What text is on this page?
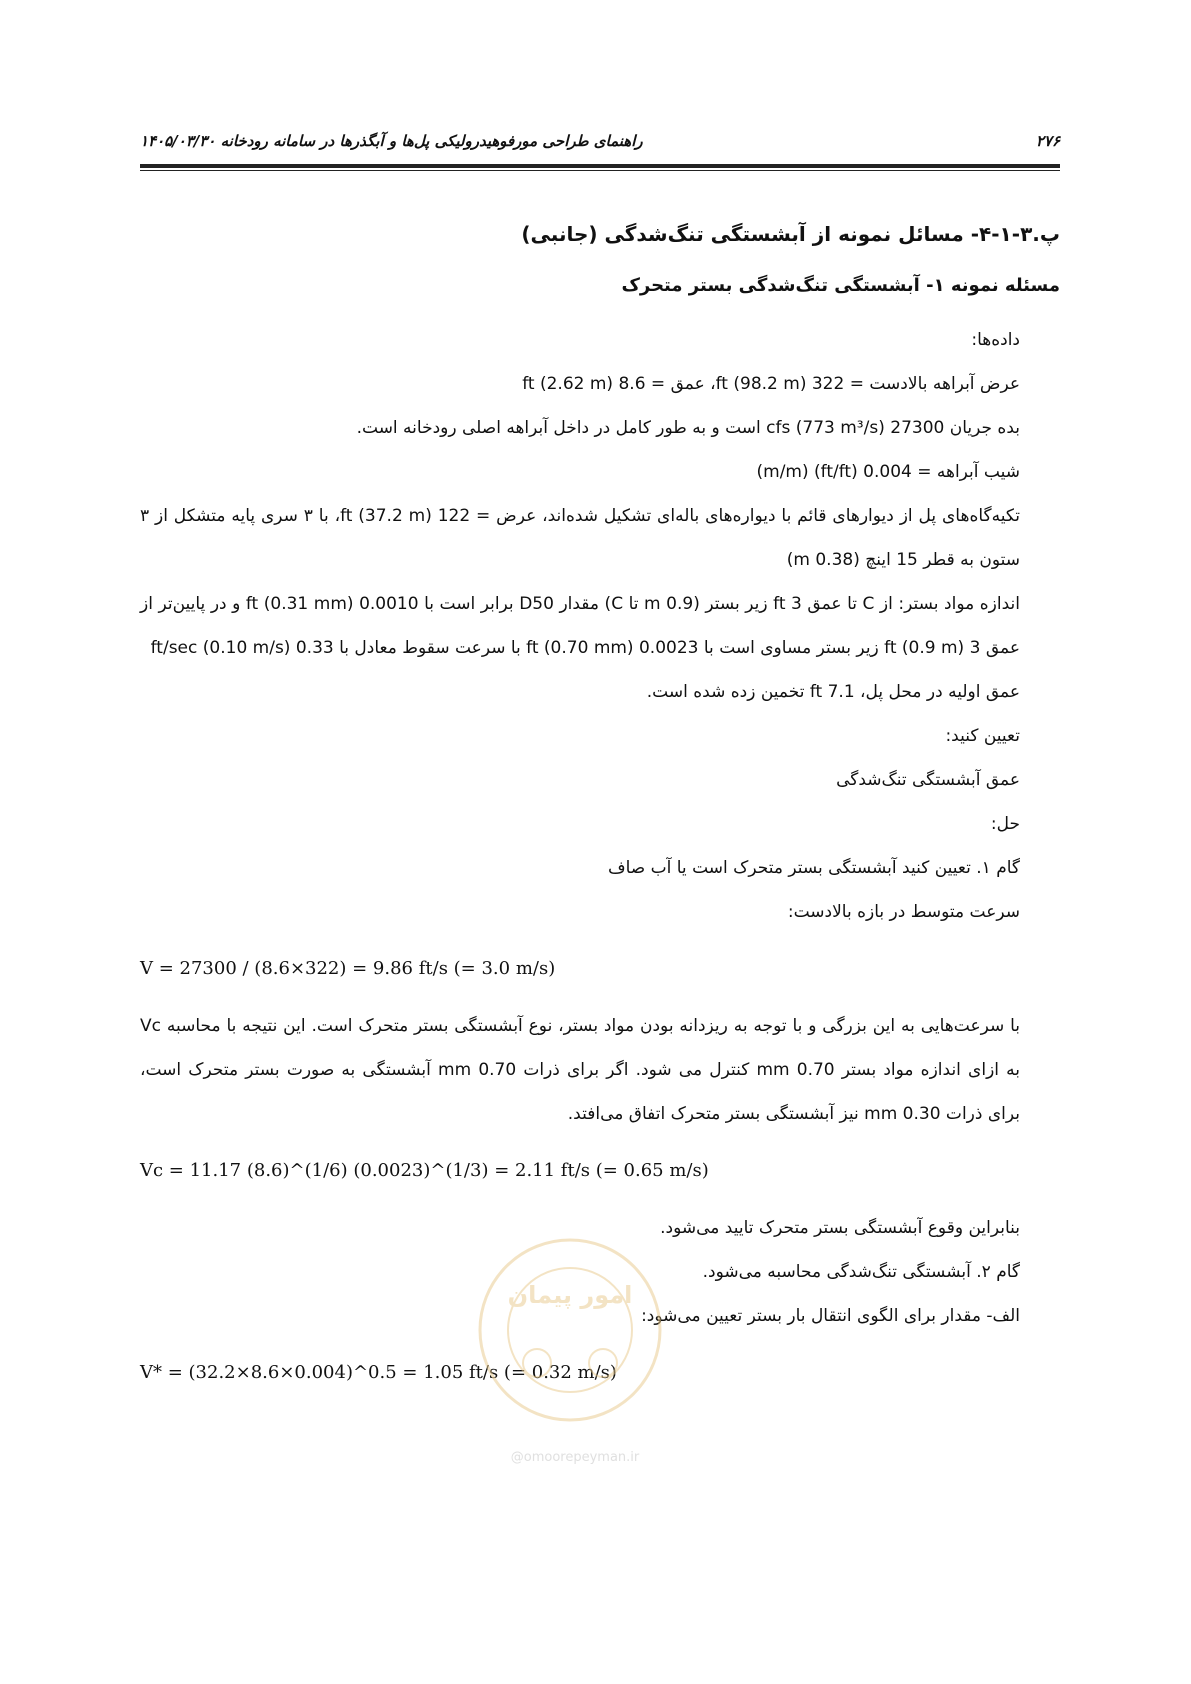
۲۷۶
راهنمای طراحی مورفوهیدرولیکی پل‌ها و آبگذرها در سامانه رودخانه ۱۴۰۵/۰۳/۳۰
پ.۳-۱-۴- مسائل نمونه از آبشستگی تنگ‌شدگی (جانبی)
مسئله نمونه ۱- آبشستگی تنگ‌شدگی بستر متحرک

داده‌ها:

عرض آبراهه بالادست = 322 ft (98.2 m)، عمق = 8.6 ft (2.62 m)

بده جریان 27300 cfs (773 m³/s) است و به طور کامل در داخل آبراهه اصلی رودخانه است.

شیب آبراهه = 0.004 (ft/ft) (m/m)

تکیه‌گاه‌های پل از دیوارهای قائم با دیواره‌های باله‌ای تشکیل شده‌اند، عرض = 122 ft (37.2 m)، با ۳ سری پایه متشکل از ۳ ستون به قطر 15 اینچ (0.38 m)

اندازه مواد بستر: از C تا عمق 3 ft زیر بستر (0.9 m تا C) مقدار D50 برابر است با 0.0010 ft (0.31 mm) و در پایین‌تر از عمق 3 ft (0.9 m) زیر بستر مساوی است با 0.0023 ft (0.70 mm) با سرعت سقوط معادل با 0.33 ft/sec (0.10 m/s)

عمق اولیه در محل پل، 7.1 ft تخمین زده شده است.

تعیین کنید:

عمق آبشستگی تنگ‌شدگی

حل:

گام ۱. تعیین کنید آبشستگی بستر متحرک است یا آب صاف

سرعت متوسط در بازه بالادست:

V = 27300 / (8.6×322) = 9.86 ft/s (= 3.0 m/s)

با سرعت‌هایی به این بزرگی و با توجه به ریزدانه بودن مواد بستر، نوع آبشستگی بستر متحرک است. این نتیجه با محاسبه Vc به ازای اندازه مواد بستر 0.70 mm کنترل می شود. اگر برای ذرات 0.70 mm آبشستگی به صورت بستر متحرک است، برای ذرات 0.30 mm نیز آبشستگی بستر متحرک اتفاق می‌افتد.

Vc = 11.17 (8.6)^(1/6) (0.0023)^(1/3) = 2.11 ft/s (= 0.65 m/s)

بنابراین وقوع آبشستگی بستر متحرک تایید می‌شود.

گام ۲. آبشستگی تنگ‌شدگی محاسبه می‌شود.

الف- مقدار برای الگوی انتقال بار بستر تعیین می‌شود:

V* = (32.2×8.6×0.004)^0.5 = 1.05 ft/s (= 0.32 m/s)
امور پیمان
@omoorepeyman.ir
